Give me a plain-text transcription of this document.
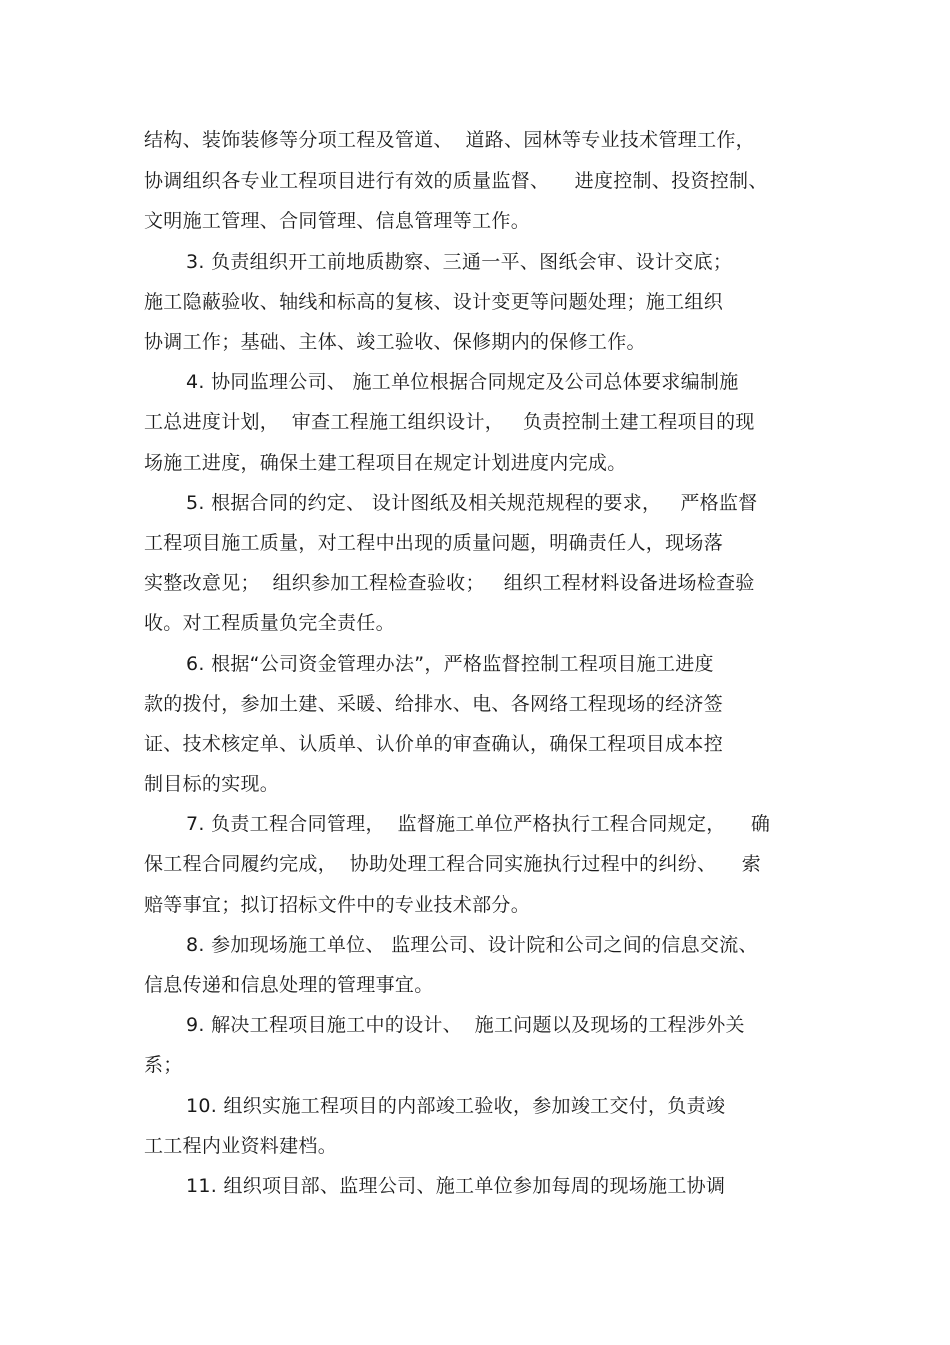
结构、装饰装修等分项工程及管道、  道路、园林等专业技术管理工作，
协调组织各专业工程项目进行有效的质量监督、    进度控制、投资控制、
文明施工管理、合同管理、信息管理等工作。
3. 负责组织开工前地质勘察、三通一平、图纸会审、设计交底；
施工隐蔽验收、轴线和标高的复核、设计变更等问题处理；施工组织
协调工作；基础、主体、竣工验收、保修期内的保修工作。
4. 协同监理公司、 施工单位根据合同规定及公司总体要求编制施
工总进度计划，  审查工程施工组织设计，   负责控制土建工程项目的现
场施工进度，确保土建工程项目在规定计划进度内完成。
5. 根据合同的约定、 设计图纸及相关规范规程的要求，   严格监督
工程项目施工质量，对工程中出现的质量问题，明确责任人，现场落
实整改意见；  组织参加工程检查验收；   组织工程材料设备进场检查验
收。对工程质量负完全责任。
6. 根据“公司资金管理办法”，严格监督控制工程项目施工进度
款的拨付，参加土建、采暖、给排水、电、各网络工程现场的经济签
证、技术核定单、认质单、认价单的审查确认，确保工程项目成本控
制目标的实现。
7. 负责工程合同管理，  监督施工单位严格执行工程合同规定，    确
保工程合同履约完成，  协助处理工程合同实施执行过程中的纠纷、    索
赔等事宜；拟订招标文件中的专业技术部分。
8. 参加现场施工单位、 监理公司、设计院和公司之间的信息交流、
信息传递和信息处理的管理事宜。
9. 解决工程项目施工中的设计、  施工问题以及现场的工程涉外关
系；
10. 组织实施工程项目的内部竣工验收，参加竣工交付，负责竣
工工程内业资料建档。
11. 组织项目部、监理公司、施工单位参加每周的现场施工协调
